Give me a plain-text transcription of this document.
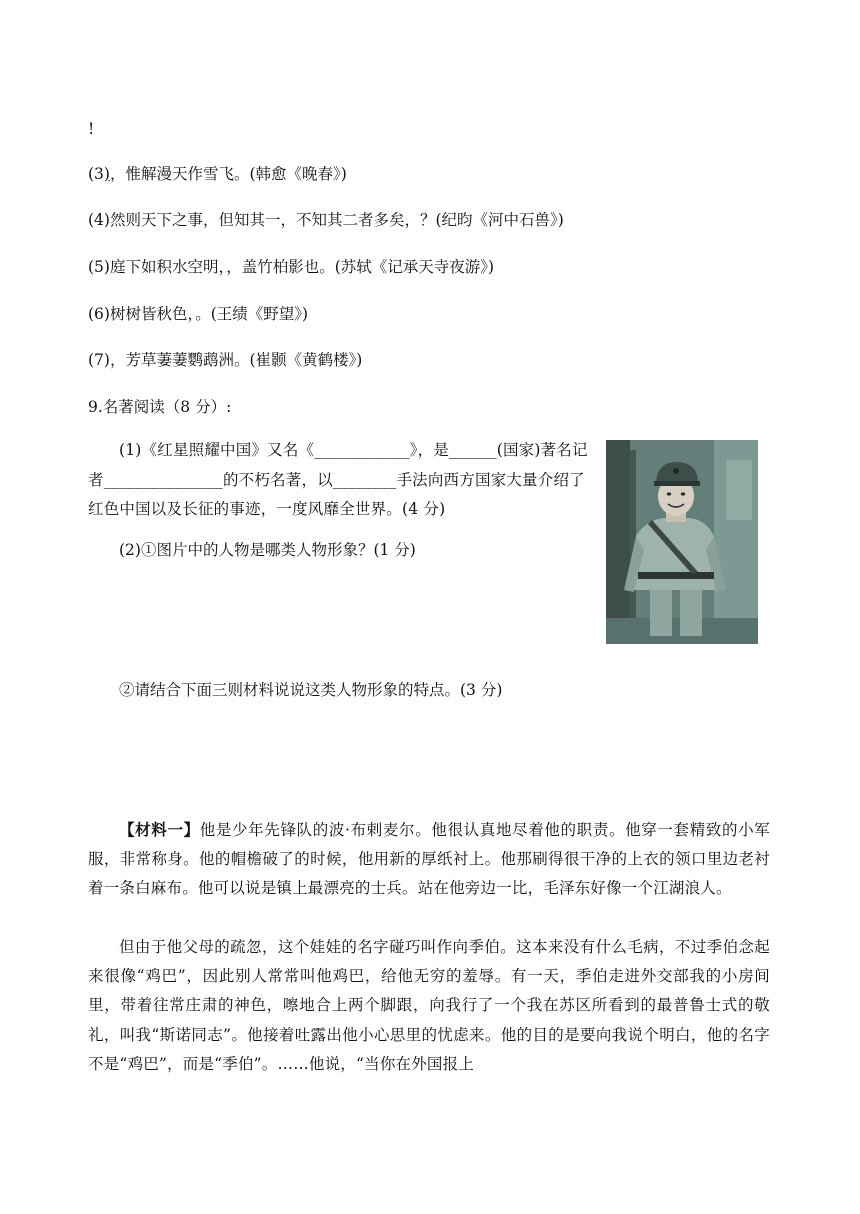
!
(3)，惟解漫天作雪飞。(韩愈《晚春》)
(4)然则天下之事，但知其一，不知其二者多矣，？(纪昀《河中石兽》)
(5)庭下如积水空明，，盖竹柏影也。(苏轼《记承天寺夜游》)
(6)树树皆秋色，。(王绩《野望》)
(7)，芳草萋萋鹦鹉洲。(崔颢《黄鹤楼》)
9.名著阅读（8 分）:
(1)《红星照耀中国》又名《____________》，是______(国家)著名记者_______________的不朽名著，以________手法向西方国家大量介绍了红色中国以及长征的事迹，一度风靡全世界。(4 分)
(2)①图片中的人物是哪类人物形象？(1 分)
②请结合下面三则材料说说这类人物形象的特点。(3 分)
【材料一】他是少年先锋队的波·布剌麦尔。他很认真地尽着他的职责。他穿一套精致的小军服，非常称身。他的帽檐破了的时候，他用新的厚纸衬上。他那刷得很干净的上衣的领口里边老衬着一条白麻布。他可以说是镇上最漂亮的士兵。站在他旁边一比，毛泽东好像一个江湖浪人。
但由于他父母的疏忽，这个娃娃的名字碰巧叫作向季伯。这本来没有什么毛病，不过季伯念起来很像“鸡巴”，因此别人常常叫他鸡巴，给他无穷的羞辱。有一天，季伯走进外交部我的小房间里，带着往常庄肃的神色，嚓地合上两个脚跟，向我行了一个我在苏区所看到的最普鲁士式的敬礼，叫我“斯诺同志”。他接着吐露出他小心思里的忧虑来。他的目的是要向我说个明白，他的名字不是“鸡巴”，而是“季伯”。……他说，“当你在外国报上
